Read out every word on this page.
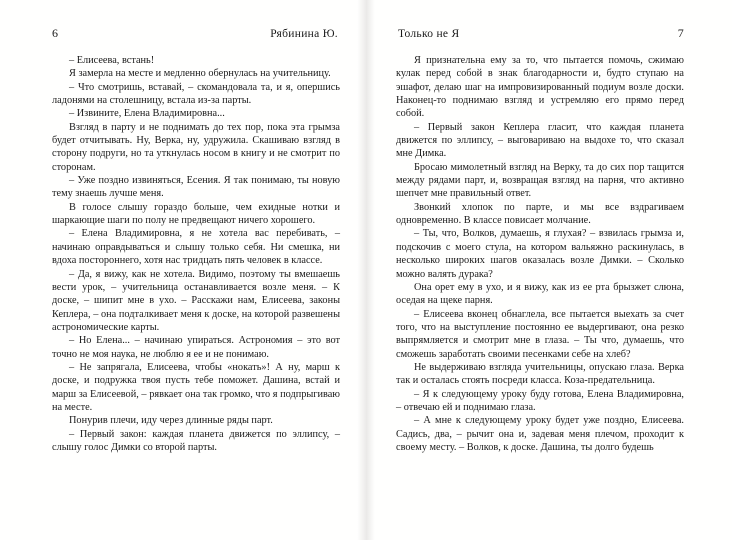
6	Рябинина Ю.

– Елисеева, встань!

Я замерла на месте и медленно обернулась на учительницу.

– Что смотришь, вставай, – скомандовала та, и я, опершись ладонями на столешницу, встала из-за парты.

– Извините, Елена Владимировна...

Взгляд в парту и не поднимать до тех пор, пока эта грымза будет отчитывать. Ну, Верка, ну, удружила. Скашиваю взгляд в сторону подруги, но та уткнулась носом в книгу и не смотрит по сторонам.

– Уже поздно извиняться, Есения. Я так понимаю, ты новую тему знаешь лучше меня.

В голосе слышу гораздо больше, чем ехидные нотки и шаркающие шаги по полу не предвещают ничего хорошего.

– Елена Владимировна, я не хотела вас перебивать, – начинаю оправдываться и слышу только себя. Ни смешка, ни вдоха постороннего, хотя нас тридцать пять человек в классе.

– Да, я вижу, как не хотела. Видимо, поэтому ты вмешаешь вести урок, – учительница останавливается возле меня. – К доске, – шипит мне в ухо. – Расскажи нам, Елисеева, законы Кеплера, – она подталкивает меня к доске, на которой развешены астрономические карты.

– Но Елена... – начинаю упираться. Астрономия – это вот точно не моя наука, не люблю я ее и не понимаю.

– Не запрягала, Елисеева, чтобы «нокать»! А ну, марш к доске, и подружка твоя пусть тебе поможет. Дашина, встай и марш за Елисеевой, – рявкает она так громко, что я подпрыгиваю на месте.

Понурив плечи, иду через длинные ряды парт.

– Первый закон: каждая планета движется по эллипсу, – слышу голос Димки со второй парты.

Только не Я	7

Я признательна ему за то, что пытается помочь, сжимаю кулак перед собой в знак благодарности и, будто ступаю на эшафот, делаю шаг на импровизированный подиум возле доски. Наконец-то поднимаю взгляд и устремляю его прямо перед собой.

– Первый закон Кеплера гласит, что каждая планета движется по эллипсу, – выговариваю на выдохе то, что сказал мне Димка.

Бросаю мимолетный взгляд на Верку, та до сих пор тащится между рядами парт, и, возвращая взгляд на парня, что активно шепчет мне правильный ответ.

Звонкий хлопок по парте, и мы все вздрагиваем одновременно. В классе повисает молчание.

– Ты, что, Волков, думаешь, я глухая? – взвилась грымза и, подскочив с моего стула, на котором вальяжно раскинулась, в несколько широких шагов оказалась возле Димки. – Сколько можно валять дурака?

Она орет ему в ухо, и я вижу, как из ее рта брызжет слюна, оседая на щеке парня.

– Елисеева вконец обнаглела, все пытается выехать за счет того, что на выступление постоянно ее выдергивают, она резко выпрямляется и смотрит мне в глаза. – Ты что, думаешь, что сможешь заработать своими песенками себе на хлеб?

Не выдерживаю взгляда учительницы, опускаю глаза. Верка так и осталась стоять посреди класса. Коза-предательница.

– Я к следующему уроку буду готова, Елена Владимировна, – отвечаю ей и поднимаю глаза.

– А мне к следующему уроку будет уже поздно, Елисеева. Садись, два, – рычит она и, задевая меня плечом, проходит к своему месту. – Волков, к доске. Дашина, ты долго будешь
